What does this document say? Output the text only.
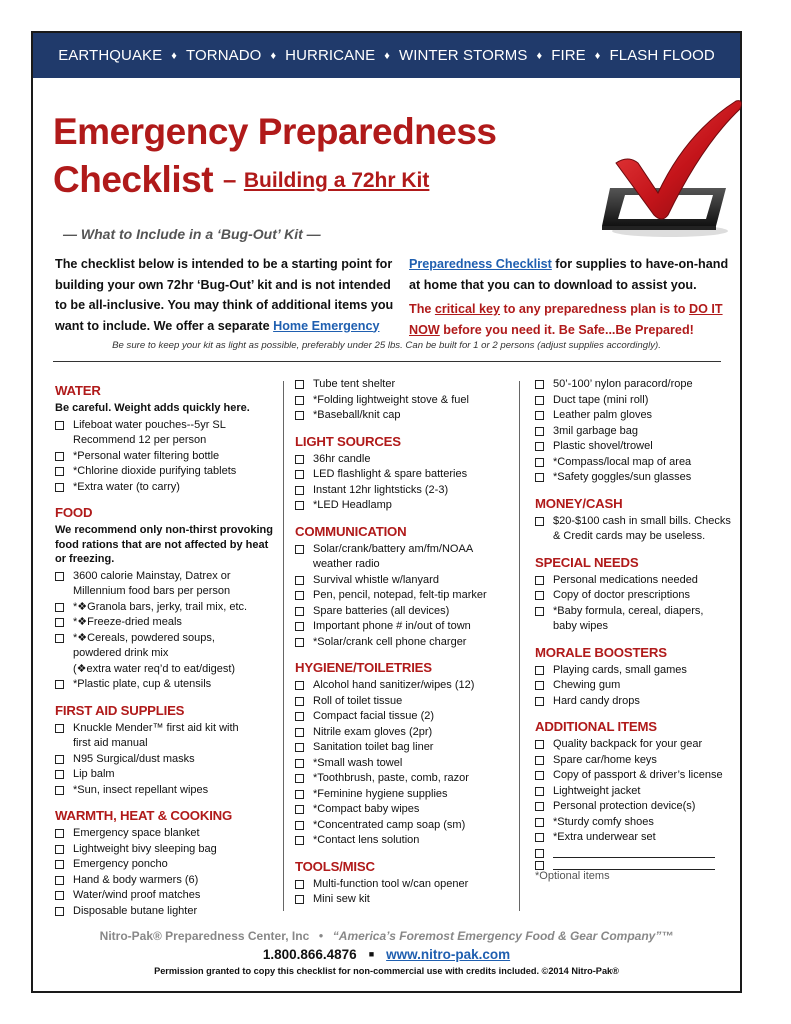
EARTHQUAKE ♦ TORNADO ♦ HURRICANE ♦ WINTER STORMS ♦ FIRE ♦ FLASH FLOOD
Emergency Preparedness
Checklist – Building a 72hr Kit
— What to Include in a ‘Bug-Out’ Kit —
The checklist below is intended to be a starting point for building your own 72hr ‘Bug-Out’ kit and is not intended to be all-inclusive. You may think of additional items you want to include. We offer a separate Home Emergency
Preparedness Checklist for supplies to have-on-hand at home that you can to download to assist you.
The critical key to any preparedness plan is to DO IT NOW before you need it. Be Safe...Be Prepared!
Be sure to keep your kit as light as possible, preferably under 25 lbs. Can be built for 1 or 2 persons (adjust supplies accordingly).
WATER
Be careful. Weight adds quickly here.
Lifeboat water pouches--5yr SL
Recommend 12 per person
*Personal water filtering bottle
*Chlorine dioxide purifying tablets
*Extra water (to carry)
FOOD
We recommend only non-thirst provoking food rations that are not affected by heat or freezing.
3600 calorie Mainstay, Datrex or
Millennium food bars per person
*❖Granola bars, jerky, trail mix, etc.
*❖Freeze-dried meals
*❖Cereals, powdered soups,
powdered drink mix
(❖extra water req’d to eat/digest)
*Plastic plate, cup & utensils
FIRST AID SUPPLIES
Knuckle Mender™ first aid kit with
first aid manual
N95 Surgical/dust masks
Lip balm
*Sun, insect repellant wipes
WARMTH, HEAT & COOKING
Emergency space blanket
Lightweight bivy sleeping bag
Emergency poncho
Hand & body warmers (6)
Water/wind proof matches
Disposable butane lighter
Tube tent shelter
*Folding lightweight stove & fuel
*Baseball/knit cap
LIGHT SOURCES
36hr candle
LED flashlight & spare batteries
Instant 12hr lightsticks (2-3)
*LED Headlamp
COMMUNICATION
Solar/crank/battery am/fm/NOAA
weather radio
Survival whistle w/lanyard
Pen, pencil, notepad, felt-tip marker
Spare batteries (all devices)
Important phone # in/out of town
*Solar/crank cell phone charger
HYGIENE/TOILETRIES
Alcohol hand sanitizer/wipes (12)
Roll of toilet tissue
Compact facial tissue (2)
Nitrile exam gloves (2pr)
Sanitation toilet bag liner
*Small wash towel
*Toothbrush, paste, comb, razor
*Feminine hygiene supplies
*Compact baby wipes
*Concentrated camp soap (sm)
*Contact lens solution
TOOLS/MISC
Multi-function tool w/can opener
Mini sew kit
50’-100’ nylon paracord/rope
Duct tape (mini roll)
Leather palm gloves
3mil garbage bag
Plastic shovel/trowel
*Compass/local map of area
*Safety goggles/sun glasses
MONEY/CASH
$20-$100 cash in small bills. Checks
& Credit cards may be useless.
SPECIAL NEEDS
Personal medications needed
Copy of doctor prescriptions
*Baby formula, cereal, diapers,
baby wipes
MORALE BOOSTERS
Playing cards, small games
Chewing gum
Hard candy drops
ADDITIONAL ITEMS
Quality backpack for your gear
Spare car/home keys
Copy of passport & driver’s license
Lightweight jacket
Personal protection device(s)
*Sturdy comfy shoes
*Extra underwear set
*Optional items
Nitro-Pak® Preparedness Center, Inc ● “America’s Foremost Emergency Food & Gear Company”™
1.800.866.4876 ■ www.nitro-pak.com
Permission granted to copy this checklist for non-commercial use with credits included. ©2014 Nitro-Pak®
